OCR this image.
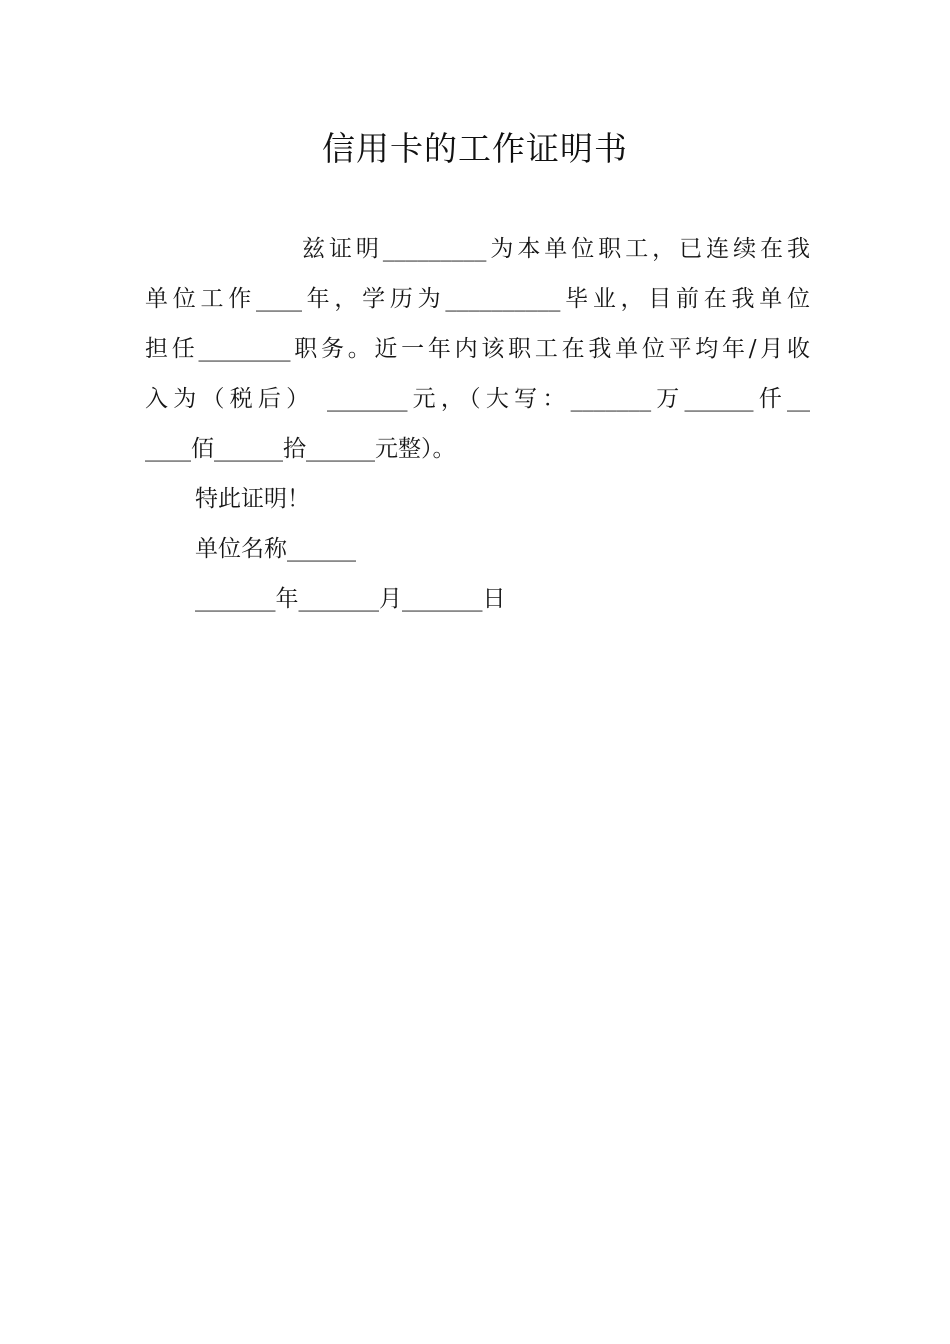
信用卡的工作证明书
兹证明_________为本单位职工，已连续在我
单位工作____年，学历为__________毕业，目前在我单位
担任________职务。近一年内该职工在我单位平均年/月收
入为（税后） _______元，（大写：_______万______仟__
____佰______拾______元整）。
特此证明！
单位名称______
_______年_______月_______日
